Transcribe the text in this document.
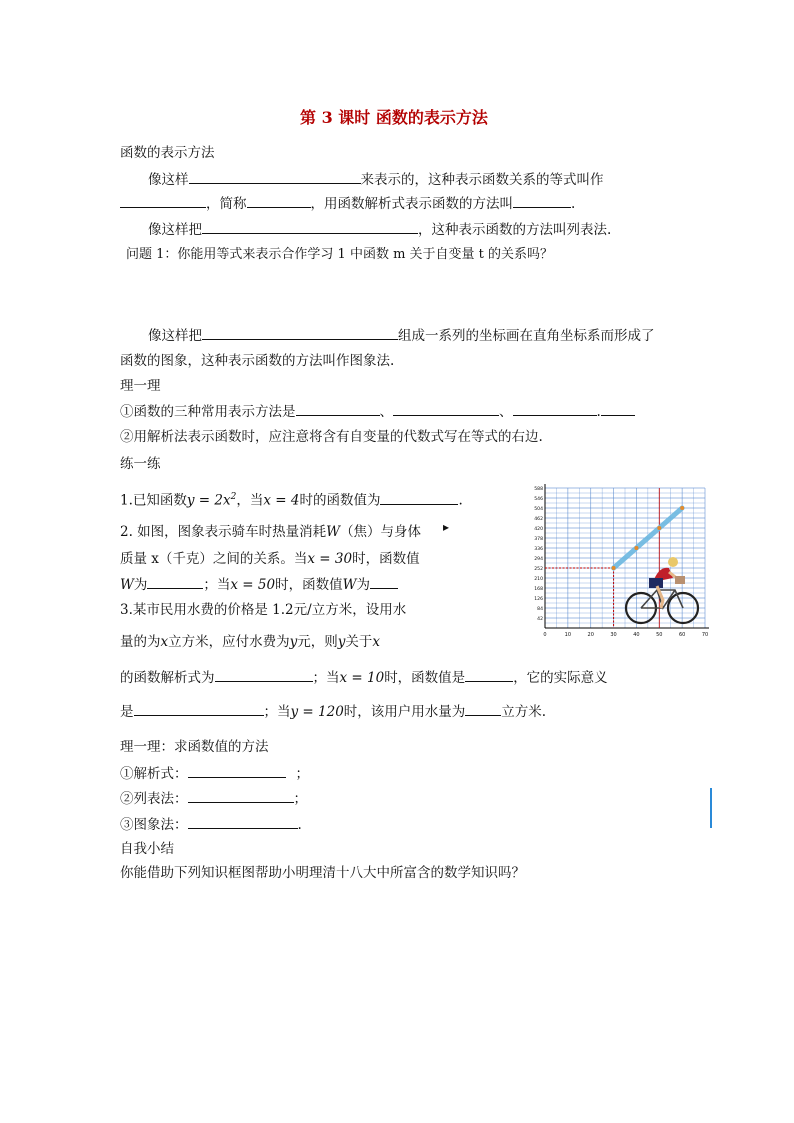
第 3 课时 函数的表示方法
函数的表示方法
像这样	来表示的，这种表示函数关系的等式叫作
，简称	，用函数解析式表示函数的方法叫	.
像这样把	，这种表示函数的方法叫列表法.
问题 1：你能用等式来表示合作学习 1 中函数 m 关于自变量 t 的关系吗？
像这样把	组成一系列的坐标画在直角坐标系而形成了
函数的图象，这种表示函数的方法叫作图象法.
理一理
①函数的三种常用表示方法是	、	、	.
②用解析法表示函数时，应注意将含有自变量的代数式写在等式的右边.
练一练
1.已知函数$y = 2x^2$，当x = 4时的函数值为	.
2. 如图，图象表示骑车时热量消耗W（焦）与身体 ▸
质量 x（千克）之间的关系。当x = 30时，函数值
W为	；当x = 50时，函数值W为
3.某市民用水费的价格是 1.2元/立方米，设用水
量的为x立方米，应付水费为y元，则y关于x
的函数解析式为	；当x = 10时，函数值是	，它的实际意义
是	；当y = 120时，该用户用水量为	立方米.
理一理：求函数值的方法
①解析式：	；
②列表法：	；
③图象法：	.
自我小结
你能借助下列知识框图帮助小明理清十八大中所富含的数学知识吗？
0	10	20	30	40	50	60	70
42
84
126
168
210
252
294
336
378
420
462
504
546
588
